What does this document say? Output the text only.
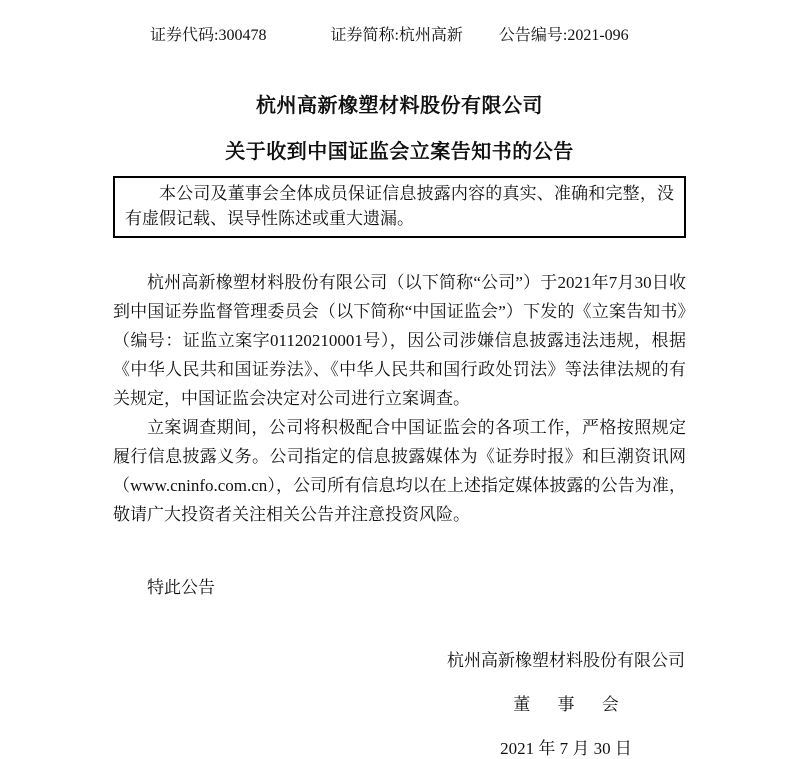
证券代码:300478	证券简称:杭州高新 公告编号:2021-096
杭州高新橡塑材料股份有限公司
关于收到中国证监会立案告知书的公告

本公司及董事会全体成员保证信息披露内容的真实、准确和完整，没有虚假记载、误导性陈述或重大遗漏。

杭州高新橡塑材料股份有限公司（以下简称“公司”）于2021年7月30日收到中国证券监督管理委员会（以下简称“中国证监会”）下发的《立案告知书》（编号：证监立案字01120210001号），因公司涉嫌信息披露违法违规，根据《中华人民共和国证券法》、《中华人民共和国行政处罚法》等法律法规的有关规定，中国证监会决定对公司进行立案调查。

立案调查期间，公司将积极配合中国证监会的各项工作，严格按照规定履行信息披露义务。公司指定的信息披露媒体为《证券时报》和巨潮资讯网（www.cninfo.com.cn），公司所有信息均以在上述指定媒体披露的公告为准，敬请广大投资者关注相关公告并注意投资风险。

特此公告

杭州高新橡塑材料股份有限公司
董 事 会
2021 年 7 月 30 日
